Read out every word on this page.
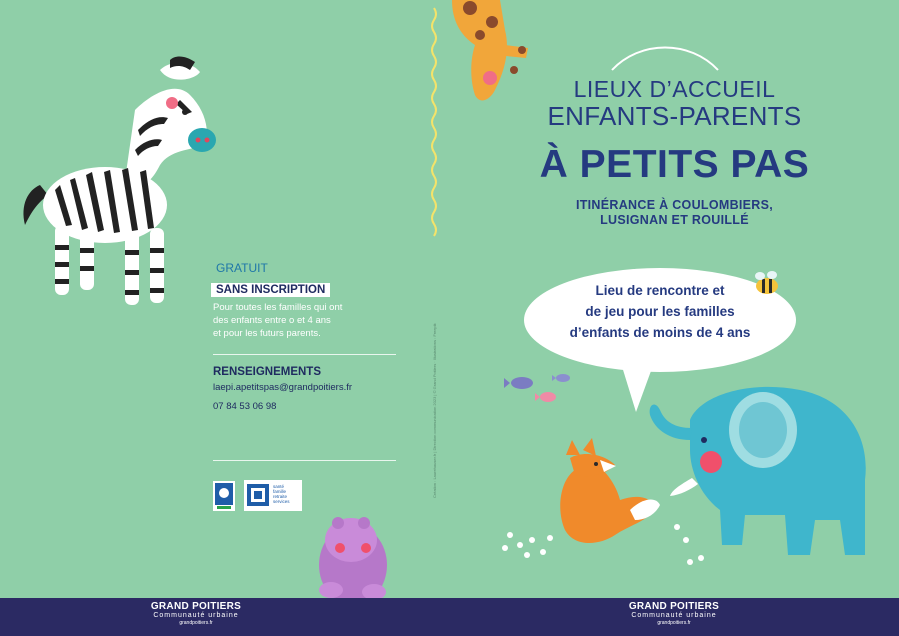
Création : Laurehauser.fr | Direction communication 2023 | © Grand Poitiers · Illustrations : Freepik
GRATUIT
SANS INSCRIPTION
Pour toutes les familles qui ont
des enfants entre o et 4 ans
et pour les futurs parents.
RENSEIGNEMENTS
laepi.apetitspas@grandpoitiers.fr
07 84 53 06 98
santé
famille
retraite
services
LIEUX D’ACCUEIL
ENFANTS-PARENTS
À PETITS PAS
ITINÉRANCE À COULOMBIERS,
LUSIGNAN ET ROUILLÉ
Lieu de rencontre et
de jeu pour les familles
d’enfants de moins de 4 ans
GRAND POITIERS
Communauté urbaine
grandpoitiers.fr
GRAND POITIERS
Communauté urbaine
grandpoitiers.fr
